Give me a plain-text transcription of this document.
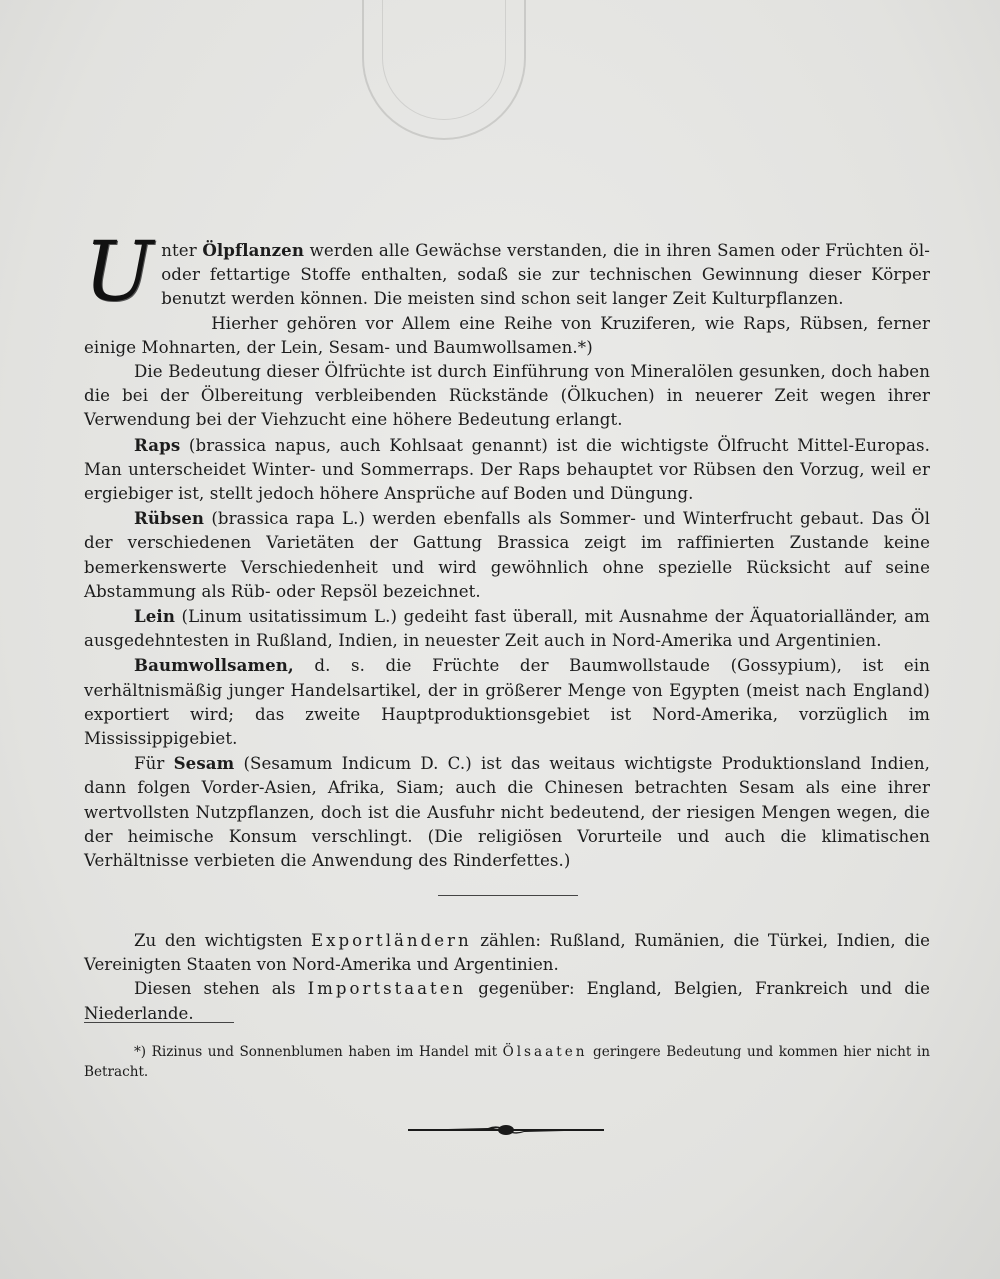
Unter Ölpflanzen werden alle Gewächse verstanden, die in ihren Samen oder Früchten öl- oder fettartige Stoffe enthalten, sodaß sie zur technischen Gewinnung dieser Körper benutzt werden können. Die meisten sind schon seit langer Zeit Kulturpflanzen.

Hierher gehören vor Allem eine Reihe von Kruziferen, wie Raps, Rübsen, ferner einige Mohnarten, der Lein, Sesam- und Baumwollsamen.*)

Die Bedeutung dieser Ölfrüchte ist durch Einführung von Mineralölen gesunken, doch haben die bei der Ölbereitung verbleibenden Rückstände (Ölkuchen) in neuerer Zeit wegen ihrer Verwendung bei der Viehzucht eine höhere Bedeutung erlangt.

Raps (brassica napus, auch Kohlsaat genannt) ist die wichtigste Ölfrucht Mittel-Europas. Man unterscheidet Winter- und Sommerraps. Der Raps behauptet vor Rübsen den Vorzug, weil er ergiebiger ist, stellt jedoch höhere Ansprüche auf Boden und Düngung.

Rübsen (brassica rapa L.) werden ebenfalls als Sommer- und Winterfrucht gebaut. Das Öl der verschiedenen Varietäten der Gattung Brassica zeigt im raffinierten Zustande keine bemerkenswerte Verschiedenheit und wird gewöhnlich ohne spezielle Rücksicht auf seine Abstammung als Rüb- oder Repsöl bezeichnet.

Lein (Linum usitatissimum L.) gedeiht fast überall, mit Ausnahme der Äquatorialländer, am ausgedehntesten in Rußland, Indien, in neuester Zeit auch in Nord-Amerika und Argentinien.

Baumwollsamen, d. s. die Früchte der Baumwollstaude (Gossypium), ist ein verhältnismäßig junger Handelsartikel, der in größerer Menge von Egypten (meist nach England) exportiert wird; das zweite Hauptproduktionsgebiet ist Nord-Amerika, vorzüglich im Mississippigebiet.

Für Sesam (Sesamum Indicum D. C.) ist das weitaus wichtigste Produktionsland Indien, dann folgen Vorder-Asien, Afrika, Siam; auch die Chinesen betrachten Sesam als eine ihrer wertvollsten Nutzpflanzen, doch ist die Ausfuhr nicht bedeutend, der riesigen Mengen wegen, die der heimische Konsum verschlingt. (Die religiösen Vorurteile und auch die klimatischen Verhältnisse verbieten die Anwendung des Rinderfettes.)

Zu den wichtigsten Exportländern zählen: Rußland, Rumänien, die Türkei, Indien, die Vereinigten Staaten von Nord-Amerika und Argentinien.

Diesen stehen als Importstaaten gegenüber: England, Belgien, Frankreich und die Niederlande.

*) Rizinus und Sonnenblumen haben im Handel mit Ölsaaten geringere Bedeutung und kommen hier nicht in Betracht.
